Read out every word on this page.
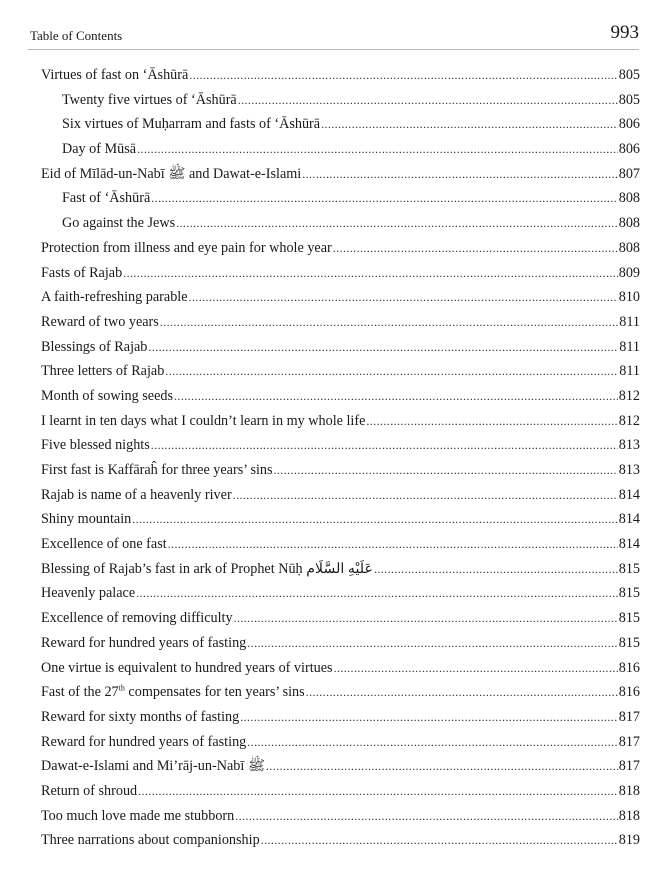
Table of Contents	993
Virtues of fast on ‘Āshūrā .....	805
Twenty five virtues of ‘Āshūrā .....	805
Six virtues of Muḥarram and fasts of ‘Āshūrā .....	806
Day of Mūsā .....	806
Eid of Mīlād-un-Nabī ﷺ and Dawat-e-Islami .....	807
Fast of ‘Āshūrā .....	808
Go against the Jews .....	808
Protection from illness and eye pain for whole year .....	808
Fasts of Rajab .....	809
A faith-refreshing parable .....	810
Reward of two years .....	811
Blessings of Rajab .....	811
Three letters of Rajab .....	811
Month of sowing seeds .....	812
I learnt in ten days what I couldn’t learn in my whole life .....	812
Five blessed nights .....	813
First fast is Kaffāraĥ for three years’ sins .....	813
Rajab is name of a heavenly river .....	814
Shiny mountain .....	814
Excellence of one fast .....	814
Blessing of Rajab’s fast in ark of Prophet Nūḥ عَلَيْهِ السَّلَام .....	815
Heavenly palace .....	815
Excellence of removing difficulty .....	815
Reward for hundred years of fasting .....	815
One virtue is equivalent to hundred years of virtues .....	816
Fast of the 27th compensates for ten years’ sins .....	816
Reward for sixty months of fasting .....	817
Reward for hundred years of fasting .....	817
Dawat-e-Islami and Mi’rāj-un-Nabī ﷺ .....	817
Return of shroud .....	818
Too much love made me stubborn .....	818
Three narrations about companionship .....	819
